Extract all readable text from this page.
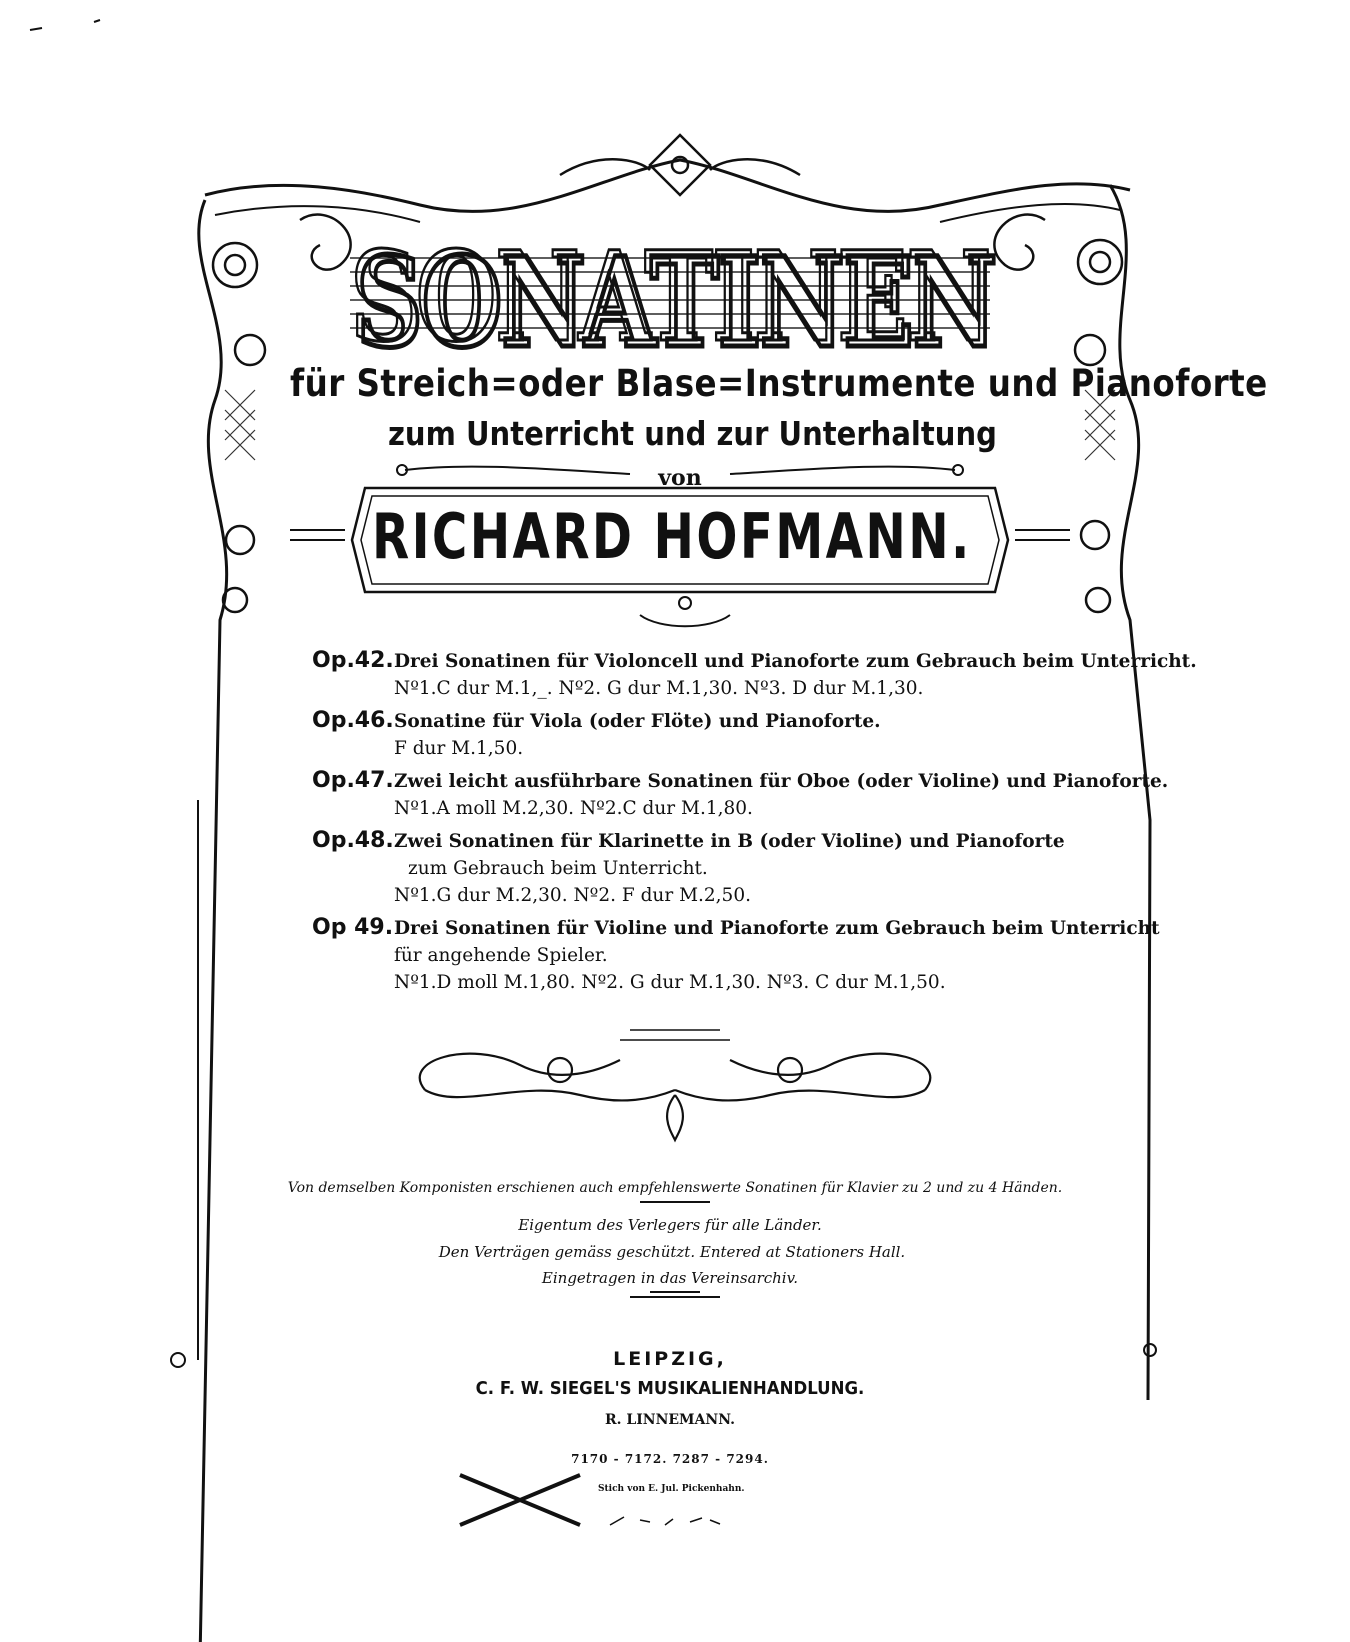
SONATINEN
SONATINEN
für Streich=oder Blase=Instrumente und Pianoforte
zum Unterricht und zur Unterhaltung
von
RICHARD HOFMANN.
Op.42. Drei Sonatinen für Violoncell und Pianoforte zum Gebrauch beim Unterricht.
Nº1.C dur M.1,_. Nº2. G dur M.1,30. Nº3. D dur M.1,30.
Op.46. Sonatine für Viola (oder Flöte) und Pianoforte.
F dur M.1,50.
Op.47. Zwei leicht ausführbare Sonatinen für Oboe (oder Violine) und Pianoforte.
Nº1.A moll M.2,30. Nº2.C dur M.1,80.
Op.48. Zwei Sonatinen für Klarinette in B (oder Violine) und Pianoforte
zum Gebrauch beim Unterricht.
Nº1.G dur M.2,30. Nº2. F dur M.2,50.
Op 49. Drei Sonatinen für Violine und Pianoforte zum Gebrauch beim Unterricht
für angehende Spieler.
Nº1.D moll M.1,80. Nº2. G dur M.1,30. Nº3. C dur M.1,50.
Von demselben Komponisten erschienen auch empfehlenswerte Sonatinen für Klavier zu 2 und zu 4 Händen.
Eigentum des Verlegers für alle Länder.
Den Verträgen gemäss geschützt. Entered at Stationers Hall.
Eingetragen in das Vereinsarchiv.
LEIPZIG,
C. F. W. SIEGEL'S MUSIKALIENHANDLUNG.
R. LINNEMANN.
7170 - 7172. 7287 - 7294.
Stich von E. Jul. Pickenhahn.
